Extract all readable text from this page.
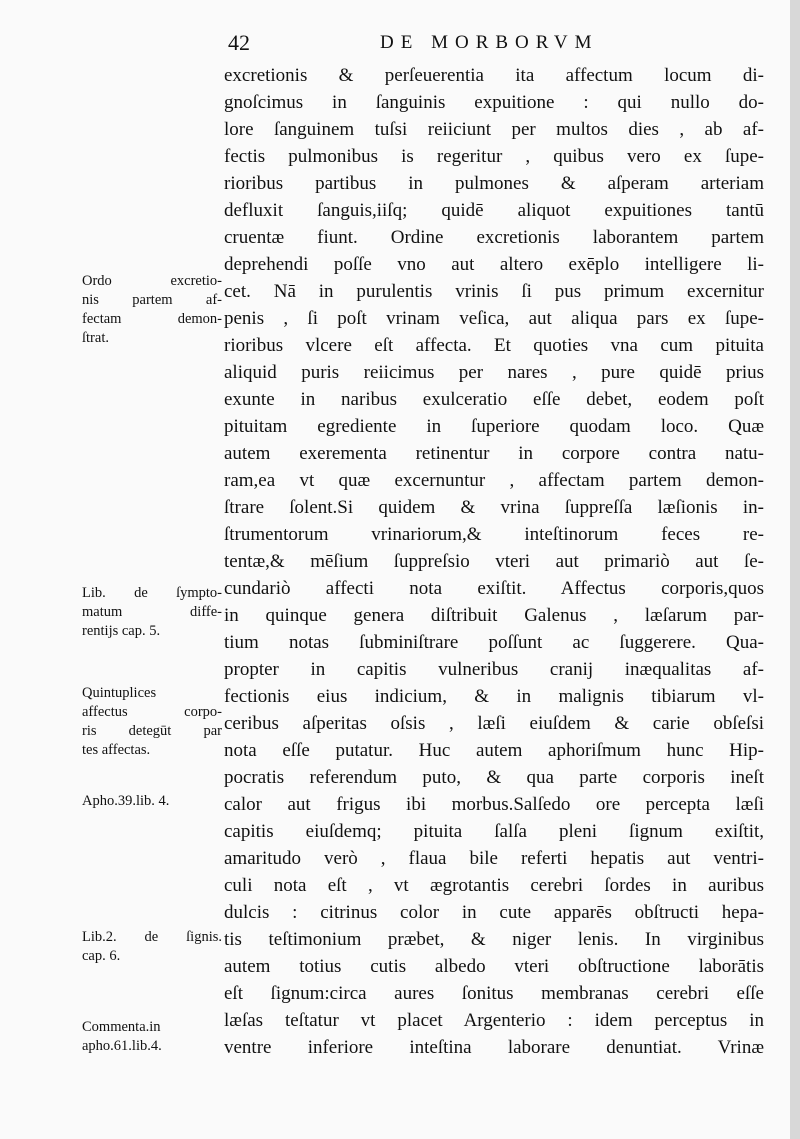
42	DE MORBORVM
excretionis & perſeuerentia ita affectum locum di-
gnoſcimus in ſanguinis expuitione : qui nullo do-
lore ſanguinem tuſsi reiiciunt per multos dies , ab af-
fectis pulmonibus is regeritur , quibus vero ex ſupe-
rioribus partibus in pulmones & aſperam arteriam
defluxit ſanguis,iiſq; quidē aliquot expuitiones tantū
cruentæ fiunt. Ordine excretionis laborantem partem
deprehendi poſſe vno aut altero exēplo intelligere li-
cet. Nā in purulentis vrinis ſi pus primum excernitur
penis , ſi poſt vrinam veſica, aut aliqua pars ex ſupe-
rioribus vlcere eſt affecta. Et quoties vna cum pituita
aliquid puris reiicimus per nares , pure quidē prius
exunte in naribus exulceratio eſſe debet, eodem poſt
pituitam egrediente in ſuperiore quodam loco. Quæ
autem exerementa retinentur in corpore contra natu-
ram,ea vt quæ excernuntur , affectam partem demon-
ſtrare ſolent.Si quidem & vrina ſuppreſſa læſionis in-
ſtrumentorum vrinariorum,& inteſtinorum feces re-
tentæ,& mēſium ſuppreſsio vteri aut primariò aut ſe-
cundariò affecti nota exiſtit. Affectus corporis,quos
in quinque genera diſtribuit Galenus , læſarum par-
tium notas ſubminiſtrare poſſunt ac ſuggerere. Qua-
propter in capitis vulneribus cranij inæqualitas af-
fectionis eius indicium, & in malignis tibiarum vl-
ceribus aſperitas oſsis , læſi eiuſdem & carie obſeſsi
nota eſſe putatur. Huc autem aphoriſmum hunc Hip-
pocratis referendum puto, & qua parte corporis ineſt
calor aut frigus ibi morbus.Salſedo ore percepta læſi
capitis eiuſdemq; pituita ſalſa pleni ſignum exiſtit,
amaritudo verò , flaua bile referti hepatis aut ventri-
culi nota eſt , vt ægrotantis cerebri ſordes in auribus
dulcis : citrinus color in cute apparēs obſtructi hepa-
tis teſtimonium præbet, & niger lenis. In virginibus
autem totius cutis albedo vteri obſtructione laborātis
eſt ſignum:circa aures ſonitus membranas cerebri eſſe
læſas teſtatur vt placet Argenterio : idem perceptus in
ventre inferiore inteſtina laborare denuntiat. Vrinæ
Ordo excretio-
nis partem af-
fectam demon-
ſtrat.
Lib. de ſympto-
matum diffe-
rentijs cap. 5.
Quintuplices
affectus corpo-
ris detegūt par
tes affectas.
Apho.39.lib. 4.
Lib.2. de ſignis.
cap. 6.
Commenta.in
apho.61.lib.4.
